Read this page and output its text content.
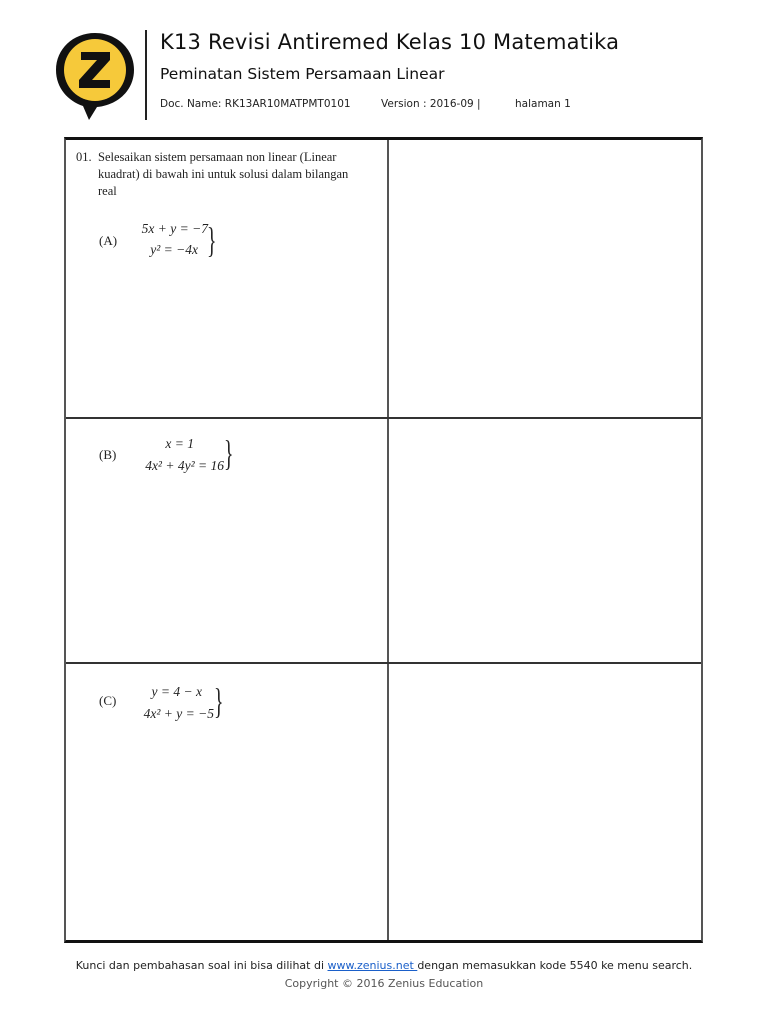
K13 Revisi Antiremed Kelas 10 Matematika
Peminatan Sistem Persamaan Linear
Doc. Name: RK13AR10MATPMT0101	Version : 2016-09 |	halaman 1
01. Selesaikan sistem persamaan non linear (Linear kuadrat) di bawah ini untuk solusi dalam bilangan real
(A)
5x + y = −7
y² = −4x }
(B)
x = 1
4x² + 4y² = 16 }
(C)
y = 4 − x
4x² + y = −5 }
Kunci dan pembahasan soal ini bisa dilihat di www.zenius.net dengan memasukkan kode 5540 ke menu search.
Copyright © 2016 Zenius Education
